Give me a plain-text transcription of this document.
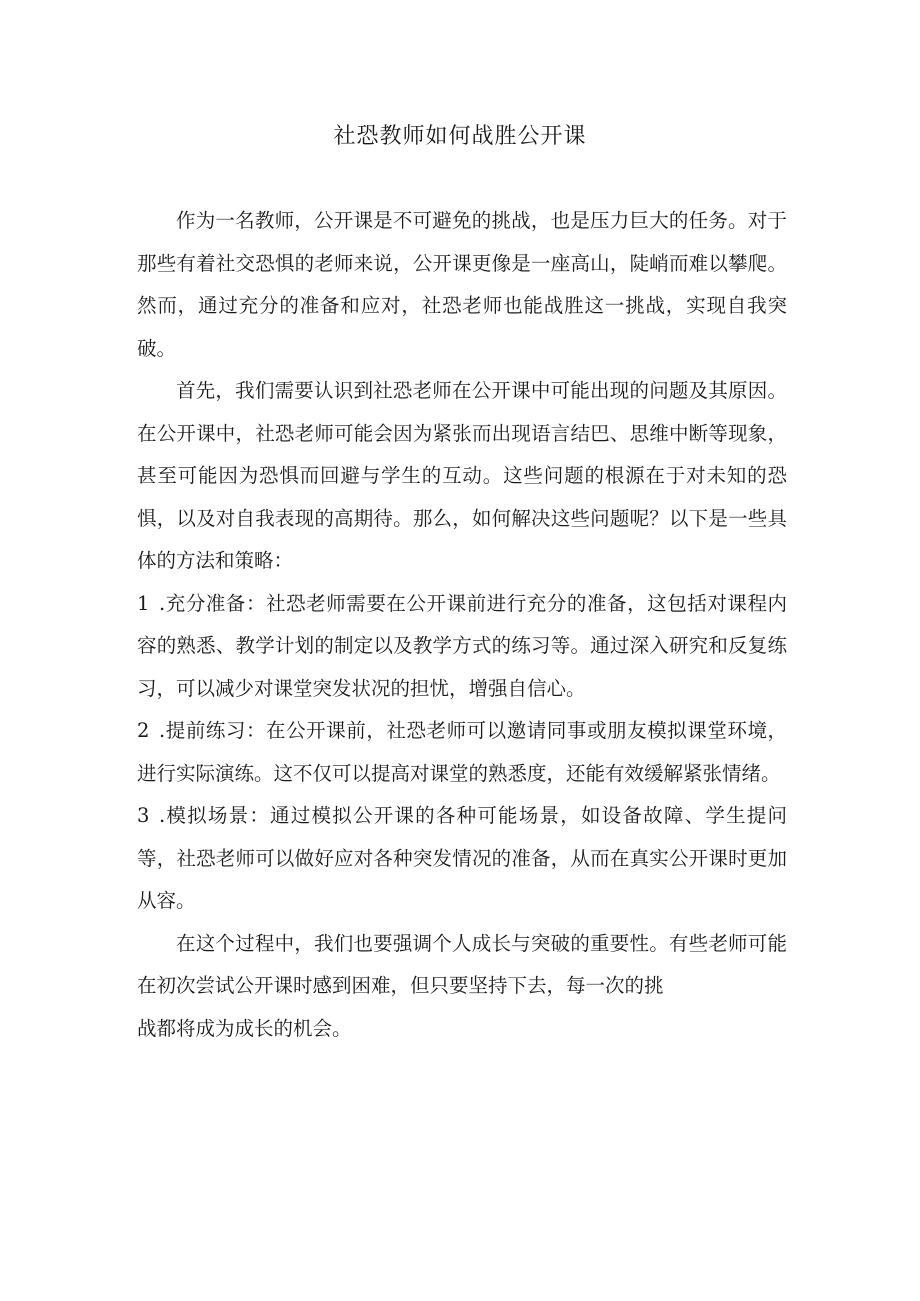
社恐教师如何战胜公开课

作为一名教师，公开课是不可避免的挑战，也是压力巨大的任务。对于那些有着社交恐惧的老师来说，公开课更像是一座高山，陡峭而难以攀爬。然而，通过充分的准备和应对，社恐老师也能战胜这一挑战，实现自我突破。

首先，我们需要认识到社恐老师在公开课中可能出现的问题及其原因。在公开课中，社恐老师可能会因为紧张而出现语言结巴、思维中断等现象，甚至可能因为恐惧而回避与学生的互动。这些问题的根源在于对未知的恐惧，以及对自我表现的高期待。那么，如何解决这些问题呢？以下是一些具体的方法和策略：

1 .充分准备：社恐老师需要在公开课前进行充分的准备，这包括对课程内容的熟悉、教学计划的制定以及教学方式的练习等。通过深入研究和反复练习，可以减少对课堂突发状况的担忧，增强自信心。

2 .提前练习：在公开课前，社恐老师可以邀请同事或朋友模拟课堂环境，进行实际演练。这不仅可以提高对课堂的熟悉度，还能有效缓解紧张情绪。

3 .模拟场景：通过模拟公开课的各种可能场景，如设备故障、学生提问等，社恐老师可以做好应对各种突发情况的准备，从而在真实公开课时更加从容。

在这个过程中，我们也要强调个人成长与突破的重要性。有些老师可能在初次尝试公开课时感到困难，但只要坚持下去，每一次的挑
战都将成为成长的机会。
